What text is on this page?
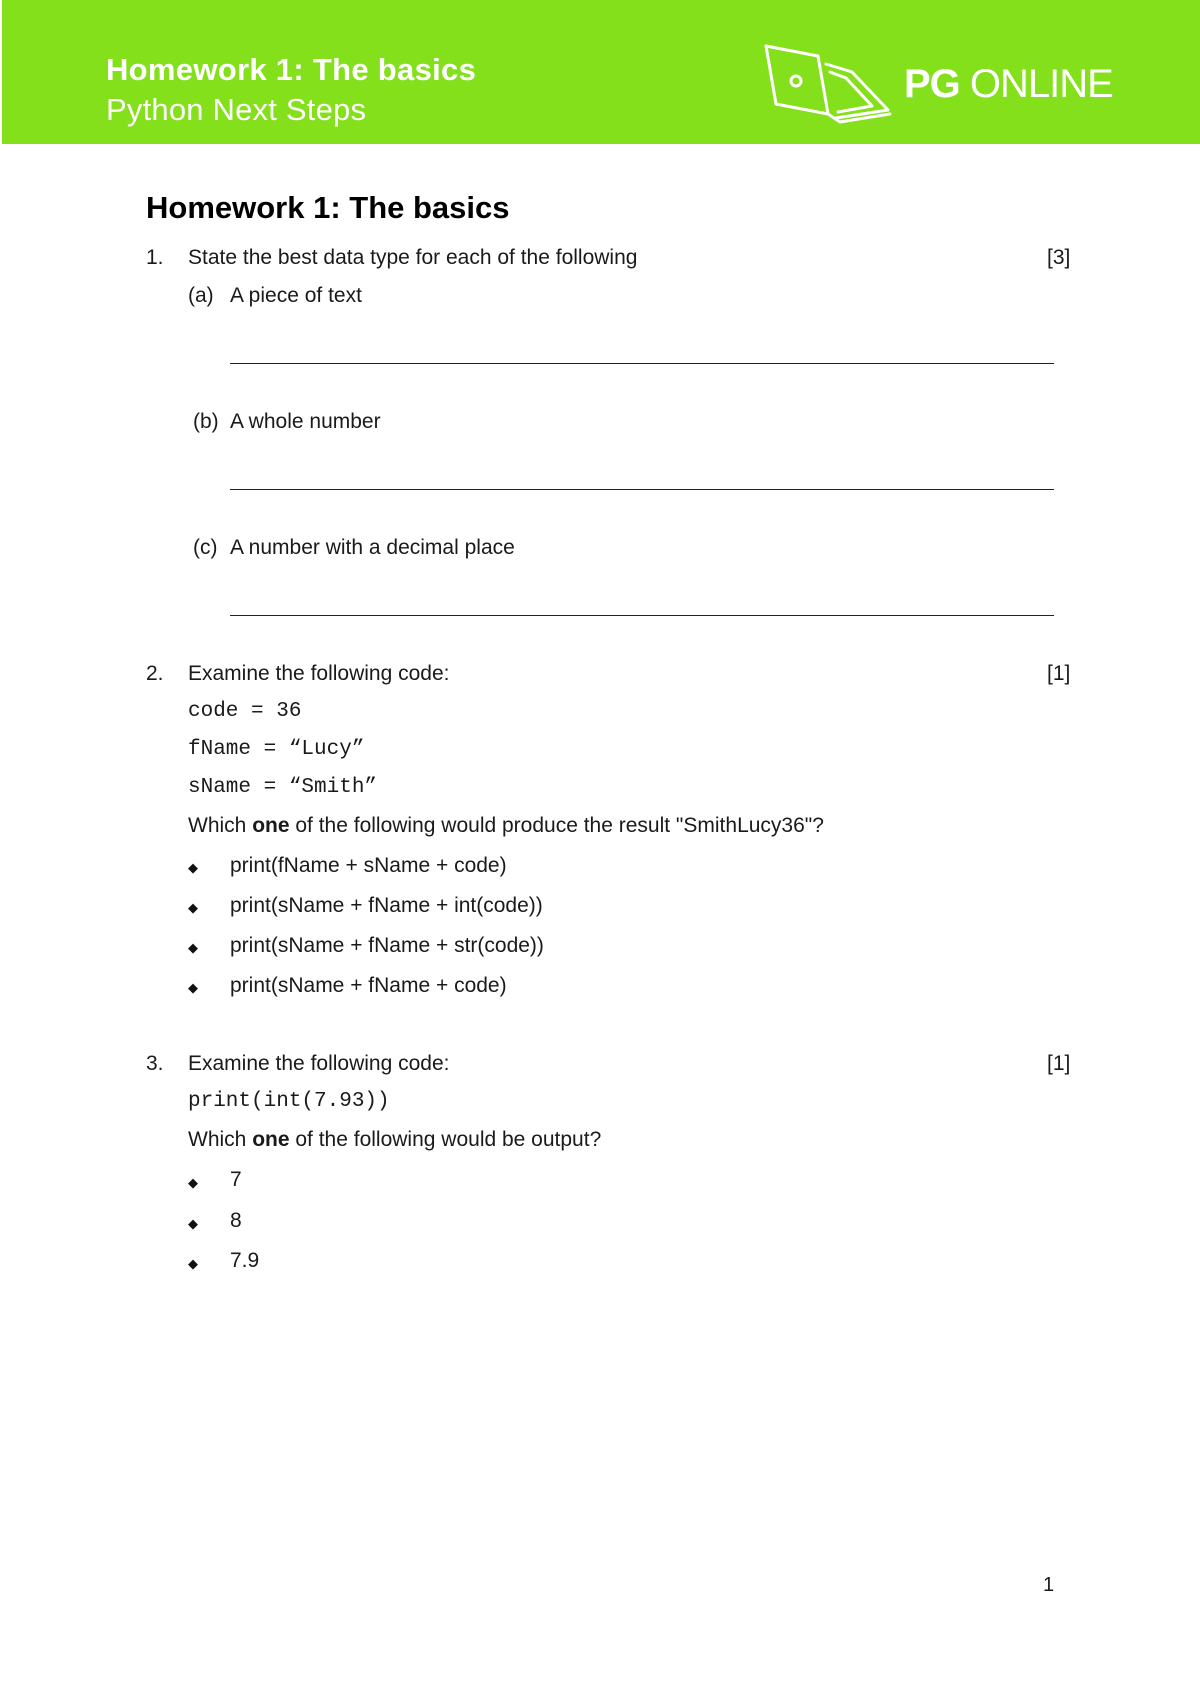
Homework 1: The basics

Python Next Steps

PG ONLINE
Homework 1: The basics
1. State the best data type for each of the following	[3]
(a) A piece of text
(b) A whole number
(c) A number with a decimal place
2. Examine the following code:	[1]
code = 36
fName = “Lucy”
sName = “Smith”
Which one of the following would produce the result "SmithLucy36"?
◆ print(fName + sName + code)
◆ print(sName + fName + int(code))
◆ print(sName + fName + str(code))
◆ print(sName + fName + code)
3. Examine the following code:	[1]
print(int(7.93))
Which one of the following would be output?
◆ 7
◆ 8
◆ 7.9
1
